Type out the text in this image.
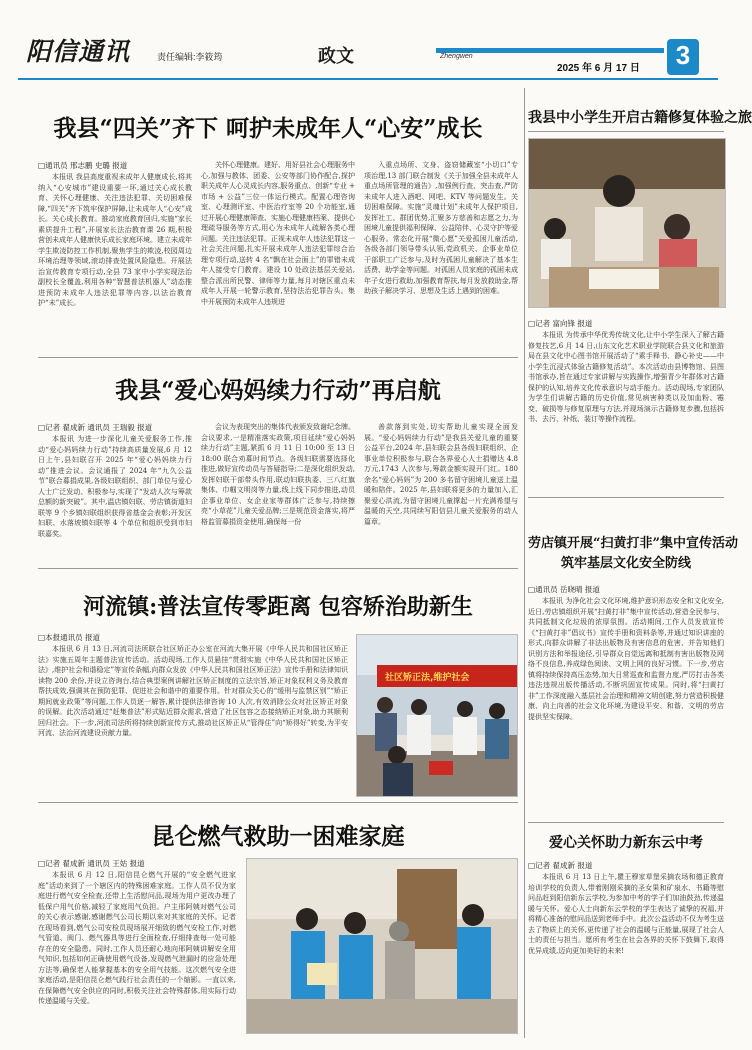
阳信通讯	责任编辑:李筱筠	政文	Zhengwen
2025 年 6 月 17 日	3
我县“四关”齐下 呵护未成年人“心安”成长
□通讯员 邢志鹏 史璐 报道

本报讯 我县高度重视未成年人健康成长,将其纳入“心安城市”建设重要一环,通过关心成长教育、关怀心理健康、关注违法犯罪、关切困难保障,“四关”齐下筑牢保护屏障,让未成年人“心安”成长。关心成长教育。推动家庭教育回归,实施“家长素质提升工程”,开展家长法治教育课 26 期,积极营创未成年人健康快乐成长家庭环境。建立未成年学生欺凌防控工作机制,聚焦学生的欺凌,校园周边环境治理等领域,滚动排查处置风险隐患。开展法治宣传教育专项行动,全县 73 家中小学实现法治副校长全覆盖,利用各种“智慧普法机器人”动态推进预防未成年人违法犯罪等内容,以法治教育护“未”成长。

关怀心理健康。建好、用好县社会心理服务中心,加强与教体、团委、公安等部门协作配合,探护职关成年人心灵成长内容,服务重点、创新“专业 + 市场 + 公益”三位一体运行模式。配置心理咨询室、心理测评室、中医治疗室等 20 个功能室,通过开展心理健康筛查、实施心理健康档案、提供心理疏导服务等方式,用心为未成年人疏解各类心理问题。关注违法犯罪。正视未成年人违法犯罪这一社会关注问题,扎实开展未成年人违法犯罪综合治理专项行动,送转 4 名“飘在社会面上”的罪错未成年人接受专门教育。建设 10 处政法基层关爱站,整合派出所民警、律师等力量,每月对辖区重点未成年人开展一轮警示教育,坚持法治犯罪告头。集中开展预防未成年人违规进

入重点场所、文身、盗窃储藏室“小切口”专项治理,13 部门联合制发《关于加强全县未成年人重点场所管理的通告》,加强例行查、突击查,严防未成年人进入酒吧、网吧、KTV 等问题发生。关切困难保障。实施“灵魂计划”未成年人保护项目,发挥社工、群团优势,汇聚多方慈善和志愿之力,为困境儿童提供福利保障、公益陪伴、心灵守护等爱心服务。常态化开展“微心愿”关爱孤困儿童活动,各级各部门领导带头认领,党政机关、企事业单位干部职工广泛参与,及时为孤困儿童解决了基本生活费、助学金等问题。对孤困人员家庭的孤困未成年子女进行救助,加强教育帮扶,每月发放救助金,帮助孩子解决学习、思想及生活上遇到的困难。

我县“爱心妈妈续力行动”再启航
□记者 翟成新 通讯员 王瑞毅 报道

本报讯 为进一步深化儿童关爱服务工作,推动“爱心妈妈续力行动”持续高质量发展,6 月 12 日上午,县妇联召开 2025 年“爱心妈妈续力行动”推进会议。会议通报了 2024 年“九久公益节”联合募捐成果,各级妇联组织、部门单位与爱心人士广泛发动、积极参与,实现了“发动人次与筹款总额的新突破”。其中,温店镇妇联、劳店镇街道妇联等 9 个乡镇妇联组织获得省基金会表彰;开发区妇联、水落坡镇妇联等 4 个单位和组织受到市妇联嘉奖。

会议为表现突出的集体代表颁发致谢纪念牌。会议要求,一是精准落实政策,项目延续“爱心妈妈续力行动”主题,紧抓 6 月 11 日 10:00 至 13 日 18:00 联合劝募时间节点。各级妇联需要选择化推进,做好宣传动员与答疑指导;二是深化组织发动,发挥妇联干部带头作用,联动妇联执委、三八红旗集体、巾帼文明岗等力量,线上线下同步推进,动员企事业单位、女企业家等群体广泛参与,持续擦亮“小草花”儿童关爱品牌;三是规范资金落实,将严格监管募捐资金使用,确保每一份

善款落到实处,切实帮助儿童实现全面发展。“爱心妈妈续力行动”是我县关爱儿童的重要公益平台,2024 年,县妇联会县各级妇联组织、企事业单位积极参与,联合各界爱心人士捐赠达 4.8 万元,1743 人次参与,筹款金额实现开门红。180 余名“爱心妈妈”为 200 多名留守困境儿童送上温暖和陪伴。2025 年,县妇联将更多的力量加入,汇聚爱心洪流,为留守困境儿童撑起一片充满希望与温暖的天空,共同续写阳信县儿童关爱服务的动人篇章。

河流镇:普法宣传零距离 包容矫治助新生
□本报通讯员 报道

本报讯 6 月 13 日,河流司法所联合社区矫正办公室在河流大集开展《中华人民共和国社区矫正法》实施五周年主题普法宣传活动。活动现场,工作人员悬挂“贯彻实施《中华人民共和国社区矫正法》,维护社会和谐稳定”等宣传条幅,向群众发放《中华人民共和国社区矫正法》宣传手册和法律知识读物 200 余份,并设立咨询台,结合典型案例讲解社区矫正制度的立法宗旨,矫正对象权利义务及教育帮扶成效,强调其在预防犯罪、促进社会和谐中的重要作用。针对群众关心的“缓刑与监禁区别”“矫正期间就业政策”等问题,工作人员逐一解答,累计提供法律咨询 10 人次,有效消除公众对社区矫正对象的误解。此次活动通过“赶集普法”形式贴近群众需求,营造了社区包容之态接纳矫正对象,助力其顺利回归社会。下一步,河流司法所将持续创新宣传方式,推动社区矫正从“管得住”向“矫得好”转变,为平安河流、法治河流建设贡献力量。

社区矫正法,维护社会
昆仑燃气救助一困难家庭
□记者 翟成新 通讯员 王姑 报道

本报讯 6 月 12 日,阳信昆仑燃气开展的“安全燃气进家庭”活动来到了一个辖区内的特殊困难家庭。工作人员不仅为家庭进行燃气安全检查,还带上生活慰问品,现场为用户更改办理了低保户用气价格,减轻了家庭用气负担。户主邢阿姨对燃气公司的关心表示感谢,感谢燃气公司长期以来对其家庭的关怀。记者在现场看到,燃气公司安检员现场展开细致的燃气安检工作,对燃气管道、阀门、燃气器具等进行全面检查,仔细排查每一处可能存在的安全隐患。同时,工作人员还耐心地向邢阿姨讲解安全用气知识,包括如何正确使用燃气设备,发现燃气泄漏时的应急处理方法等,确保老人能掌握基本的安全用气技能。这次燃气安全进家庭活动,是阳信昆仑燃气践行社会责任的一个缩影。一直以来,在保障燃气安全供应的同时,积极关注社会特殊群体,用实际行动传递温暖与关爱。

我县中小学生开启古籍修复体验之旅
□记者 富向锋 报道

本报讯 为传承中华优秀传统文化,让中小学生深入了解古籍修复技艺,6 月 14 日,山东文化艺术职业学院联合县文化和旅游局在县文化中心图书馆开展活动了“素手释书、静心补史——中小学生沉浸式体验古籍修复活动”。本次活动由县博物馆、县图书馆承办,旨在通过专家讲解与实践操作,增强青少年群体对古籍保护的认知,培养文化传承意识与动手能力。活动现场,专家团队为学生们讲解古籍的历史价值,常见病害种类以及加血粉、霉变、破损等与修复原理与方法,并现场演示古籍修复步骤,包括拆书、去污、补纸、装订等操作流程。

劳店镇开展“扫黄打非”集中宣传活动
筑牢基层文化安全防线
□通讯员 岳晓晴 报道

本报讯 为净化社会文化环境,维护意识形态安全和文化安全,近日,劳店镇组织开展“扫黄打非”集中宣传活动,营造全民参与、共同抵制文化垃圾的浓厚氛围。活动期间,工作人员发放宣传《“扫黄打非”倡议书》宣传手册和资料条等,并通过知识讲座的形式,向群众讲解了非法出版物及有害信息的危害、并告知他们识别方法和举报途径,引导群众自觉远离和抵制有害出版物及网络不良信息,养成绿色阅读、文明上网的良好习惯。下一步,劳店镇将持续保持高压态势,加大日常巡查和监督力度,严厉打击各类违法违规出版传播活动,不断巩固宣传成果。同时,将“扫黄打非”工作深度融入基层社会治理和精神文明创建,努力营造积极健康、向上向善的社会文化环境,为建设平安、和谐、文明的劳店提供坚实保障。

爱心关怀助力新东云中考
□记者 翟成新 报道

本报讯 6 月 13 日上午,瞿王穆家草堡采摘农场和德正教育培训学校的负责人,带着刚刚采摘的圣女果和矿泉水、书籍等慰问品赶到阳信新东云学校,为参加中考的学子们加油鼓劲,传递温暖与关怀。爱心人士向新东云学校的学生表达了诚挚的祝福,并将精心准备的慰问品送到老师手中。此次公益活动不仅为考生送去了物质上的关怀,更传递了社会的温暖与正能量,展现了社会人士的责任与担当。愿所有考生在社会各界的关怀下鼓舞下,取得优异成绩,迈向更加美好的未来!
